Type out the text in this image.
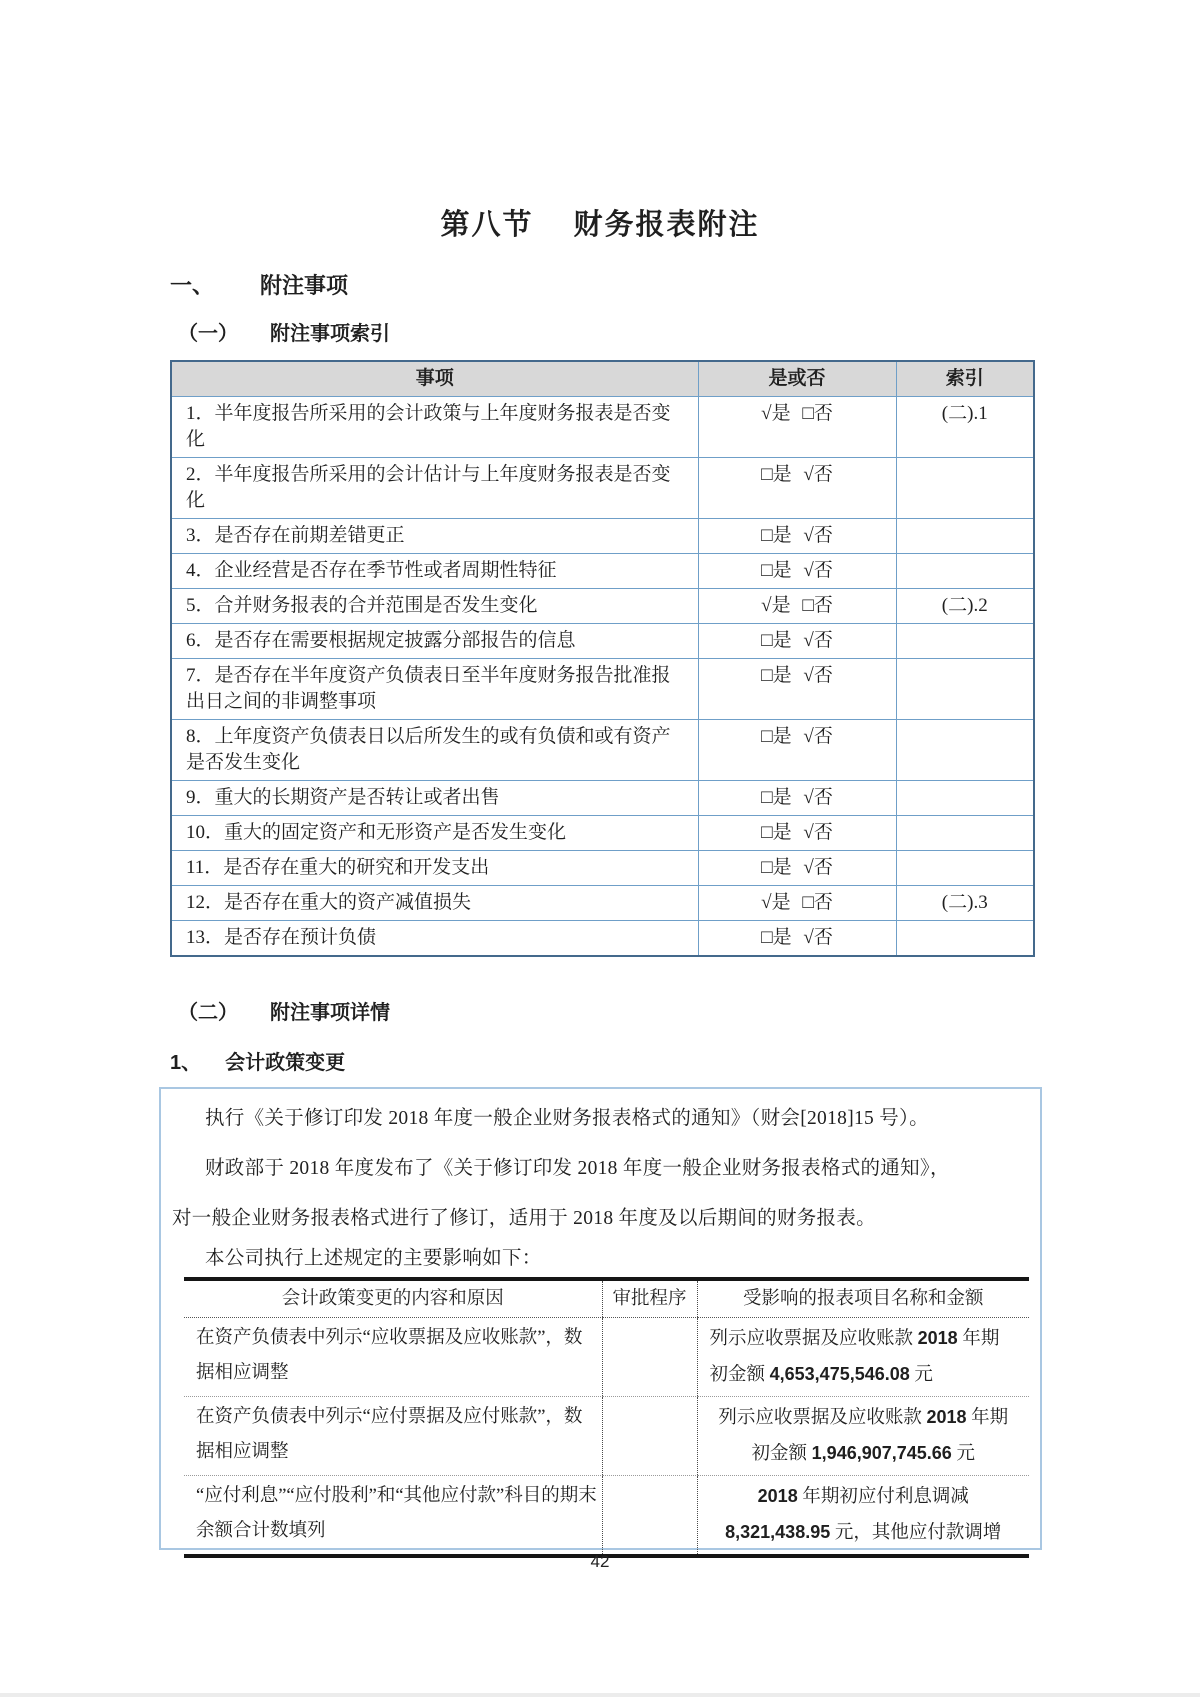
第八节 财务报表附注
一、 附注事项
（一） 附注事项索引
事项	是或否	索引
1．半年度报告所采用的会计政策与上年度财务报表是否变化	√是 □否	(二).1
2．半年度报告所采用的会计估计与上年度财务报表是否变化	□是 √否	
3．是否存在前期差错更正	□是 √否	
4．企业经营是否存在季节性或者周期性特征	□是 √否	
5．合并财务报表的合并范围是否发生变化	√是 □否	(二).2
6．是否存在需要根据规定披露分部报告的信息	□是 √否	
7．是否存在半年度资产负债表日至半年度财务报告批准报出日之间的非调整事项	□是 √否	
8．上年度资产负债表日以后所发生的或有负债和或有资产是否发生变化	□是 √否	
9．重大的长期资产是否转让或者出售	□是 √否	
10．重大的固定资产和无形资产是否发生变化	□是 √否	
11．是否存在重大的研究和开发支出	□是 √否	
12．是否存在重大的资产减值损失	√是 □否	(二).3
13．是否存在预计负债	□是 √否	
（二） 附注事项详情
1、 会计政策变更
执行《关于修订印发 2018 年度一般企业财务报表格式的通知》（财会[2018]15 号）。
财政部于 2018 年度发布了《关于修订印发 2018 年度一般企业财务报表格式的通知》，
对一般企业财务报表格式进行了修订，适用于 2018 年度及以后期间的财务报表。
本公司执行上述规定的主要影响如下：
会计政策变更的内容和原因	审批程序	受影响的报表项目名称和金额
在资产负债表中列示“应收票据及应收账款”，数据相应调整		列示应收票据及应收账款 2018 年期初金额 4,653,475,546.08 元
在资产负债表中列示“应付票据及应付账款”，数据相应调整		列示应收票据及应收账款 2018 年期初金额 1,946,907,745.66 元
“应付利息”“应付股利”和“其他应付款”科目的期末余额合计数填列		2018 年期初应付利息调减 8,321,438.95 元，其他应付款调增
42
